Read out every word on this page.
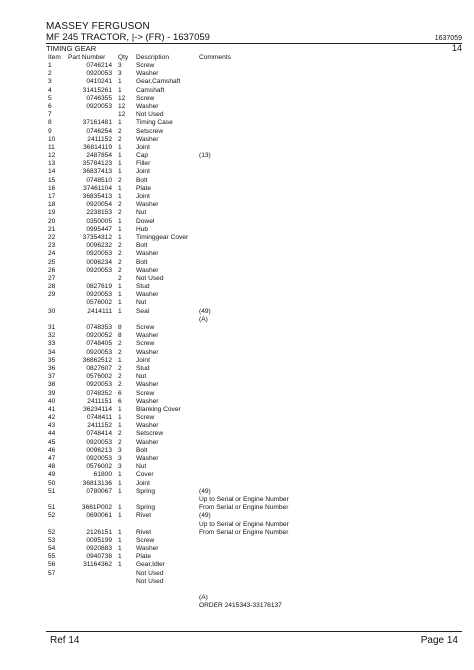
MASSEY FERGUSON
MF 245 TRACTOR, |-> (FR) - 1637059	1637059
TIMING GEAR	14
Item Part Number Qty Description	Comments
1	0746214 3 Screw
2	0920053 3 Washer
3	0410241 1 Gear,Camshaft
4	31415261 1 Camshaft
5	0746355 12 Screw
6	0920053 12 Washer
7	12 Not Used
8	37161481 1 Timing Case
9	0746254 2 Setscrew
10	2411152 2 Washer
11	36814119 1 Joint
12	2487854 1 Cap	(13)
13	35784123 1 Filler
14	36837413 1 Joint
15	0748510 2 Bolt
16	37461104 1 Plate
17	36835413 1 Joint
18	0920054 2 Washer
19	2238153 2 Nut
20	0350005 1 Dowel
21	0995447 1 Hub
22	37354312 1 Timinggear Cover
23	0096232 2 Bolt
24	0920053 2 Washer
25	0096234 2 Bolt
26	0920053 2 Washer
27	2 Not Used
28	0827619 1 Stud
29	0920053 1 Washer
0576002 1 Nut
30	2414111 1 Seal	(49)
(A)
31	0748353 8 Screw
32	0920052 8 Washer
33	0748405 2 Screw
34	0920053 2 Washer
35	36862512 1 Joint
36	0827607 2 Stud
37	0576002 2 Nut
38	0920053 2 Washer
39	0748352 6 Screw
40	2411151 6 Washer
41	36234114 1 Blanking Cover
42	0748411 1 Screw
43	2411152 1 Washer
44	0748414 2 Setscrew
45	0920053 2 Washer
46	0096213 3 Bolt
47	0920053 3 Washer
48	0576002 3 Nut
49	61800 1 Cover
50	36813136 1 Joint
51	0780067 1 Spring	(49)
Up to Serial or Engine Number
51	3661P002 1 Spring	From Serial or Engine Number
52	0690061 1 Rivet	(49)
Up to Serial or Engine Number
52	2126151 1 Rivet	From Serial or Engine Number
53	0095199 1 Screw
54	0920883 1 Washer
55	0940738 1 Plate
56	31164362 1 Gear,Idler
57	Not Used
Not Used
(A)
ORDER 2415343-33176137
Ref 14	Page 14
